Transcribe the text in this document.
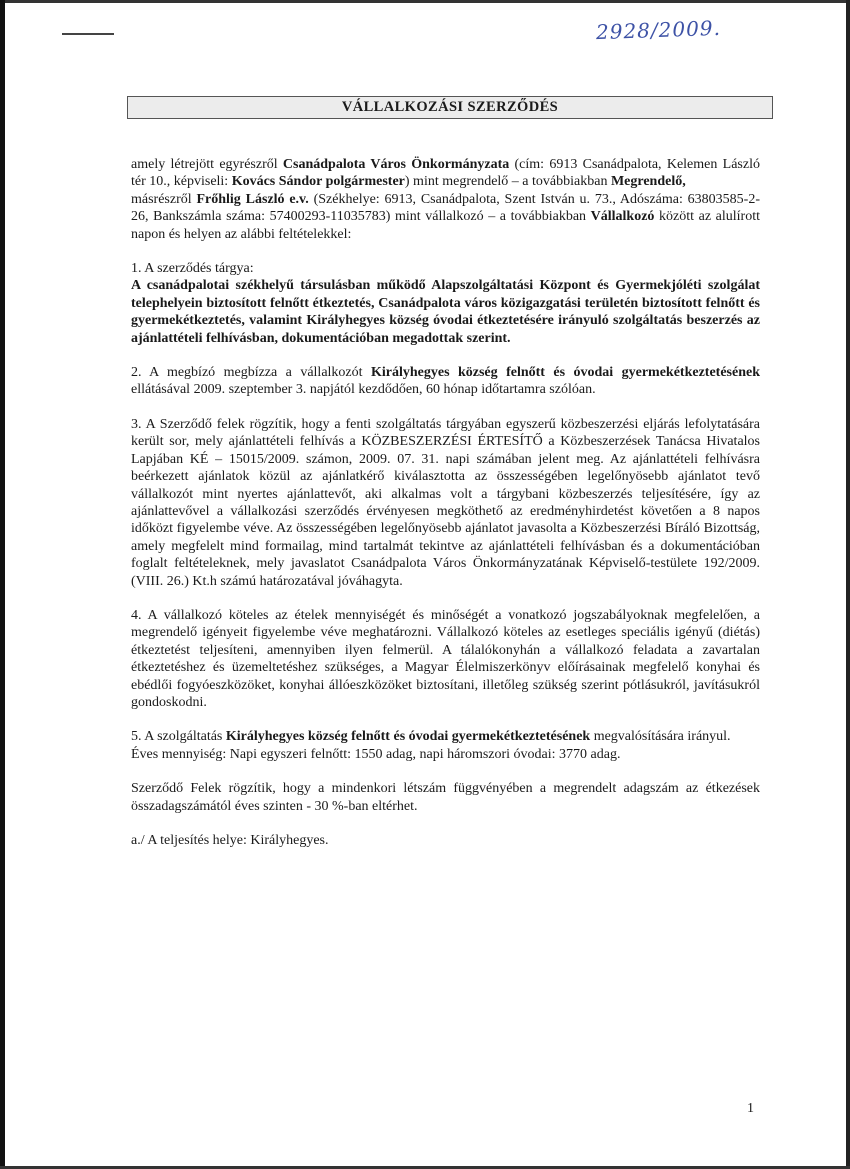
2928/2009.
VÁLLALKOZÁSI SZERZŐDÉS

amely létrejött egyrészről Csanádpalota Város Önkormányzata (cím: 6913 Csanádpalota, Kelemen László tér 10., képviseli: Kovács Sándor polgármester) mint megrendelő – a továbbiakban Megrendelő,
másrészről Frőhlig László e.v. (Székhelye: 6913, Csanádpalota, Szent István u. 73., Adószáma: 63803585-2-26, Bankszámla száma: 57400293-11035783) mint vállalkozó – a továbbiakban Vállalkozó között az alulírott napon és helyen az alábbi feltételekkel:

1. A szerződés tárgya:

A csanádpalotai székhelyű társulásban működő Alapszolgáltatási Központ és Gyermekjóléti szolgálat telephelyein biztosított felnőtt étkeztetés, Csanádpalota város közigazgatási területén biztosított felnőtt és gyermekétkeztetés, valamint Királyhegyes község óvodai étkeztetésére irányuló szolgáltatás beszerzés az ajánlattételi felhívásban, dokumentációban megadottak szerint.

2. A megbízó megbízza a vállalkozót Királyhegyes község felnőtt és óvodai gyermekétkeztetésének ellátásával 2009. szeptember 3. napjától kezdődően, 60 hónap időtartamra szólóan.

3. A Szerződő felek rögzítik, hogy a fenti szolgáltatás tárgyában egyszerű közbeszerzési eljárás lefolytatására került sor, mely ajánlattételi felhívás a KÖZBESZERZÉSI ÉRTESÍTŐ a Közbeszerzések Tanácsa Hivatalos Lapjában KÉ – 15015/2009. számon, 2009. 07. 31. napi számában jelent meg. Az ajánlattételi felhívásra beérkezett ajánlatok közül az ajánlatkérő kiválasztotta az összességében legelőnyösebb ajánlatot tevő vállalkozót mint nyertes ajánlattevőt, aki alkalmas volt a tárgybani közbeszerzés teljesítésére, így az ajánlattevővel a vállalkozási szerződés érvényesen megköthető az eredményhirdetést követően a 8 napos időközt figyelembe véve. Az összességében legelőnyösebb ajánlatot javasolta a Közbeszerzési Bíráló Bizottság, amely megfelelt mind formailag, mind tartalmát tekintve az ajánlattételi felhívásban és a dokumentációban foglalt feltételeknek, mely javaslatot Csanádpalota Város Önkormányzatának Képviselő-testülete 192/2009. (VIII. 26.) Kt.h számú határozatával jóváhagyta.

4. A vállalkozó köteles az ételek mennyiségét és minőségét a vonatkozó jogszabályoknak megfelelően, a megrendelő igényeit figyelembe véve meghatározni. Vállalkozó köteles az esetleges speciális igényű (diétás) étkeztetést teljesíteni, amennyiben ilyen felmerül. A tálalókonyhán a vállalkozó feladata a zavartalan étkeztetéshez és üzemeltetéshez szükséges, a Magyar Élelmiszerkönyv előírásainak megfelelő konyhai és ebédlői fogyóeszközöket, konyhai állóeszközöket biztosítani, illetőleg szükség szerint pótlásukról, javításukról gondoskodni.

5. A szolgáltatás Királyhegyes község felnőtt és óvodai gyermekétkeztetésének megvalósítására irányul.

Éves mennyiség: Napi egyszeri felnőtt: 1550 adag, napi háromszori óvodai: 3770 adag.

Szerződő Felek rögzítik, hogy a mindenkori létszám függvényében a megrendelt adagszám az étkezések összadagszámától éves szinten - 30 %-ban eltérhet.

a./ A teljesítés helye: Királyhegyes.

1
